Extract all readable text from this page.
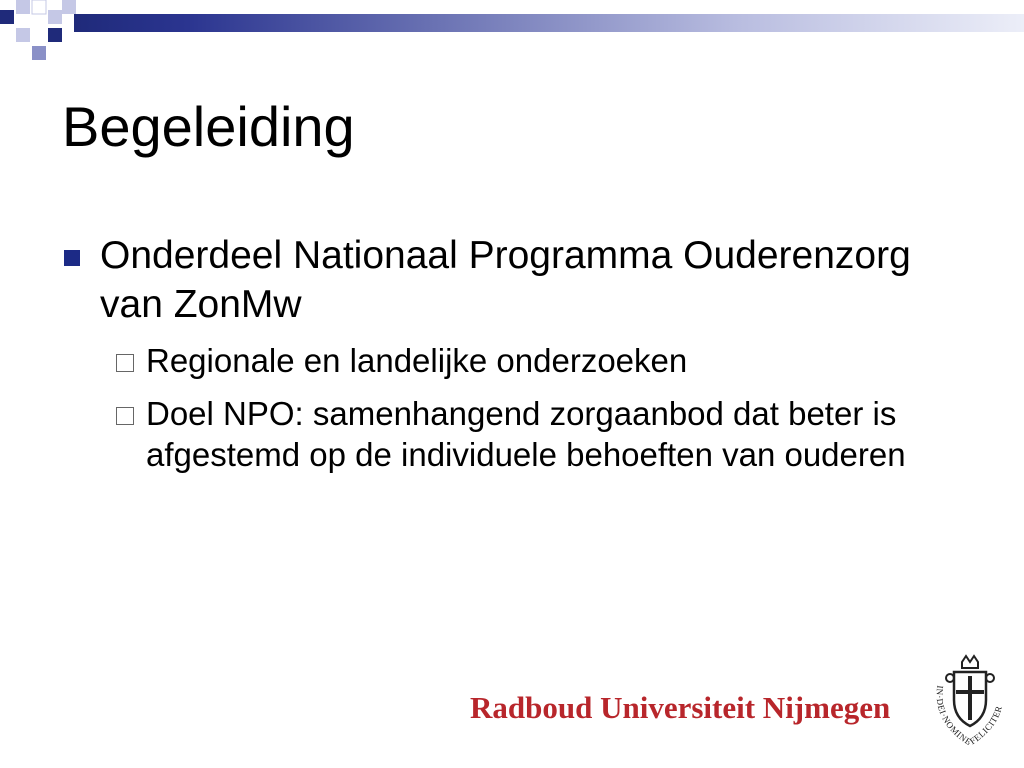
Begeleiding
Onderdeel Nationaal Programma Ouderenzorg van ZonMw
Regionale en landelijke onderzoeken
Doel NPO: samenhangend zorgaanbod dat beter is afgestemd op de individuele behoeften van ouderen
Radboud Universiteit Nijmegen
IN·DEI·NOMINE·FELICITER
